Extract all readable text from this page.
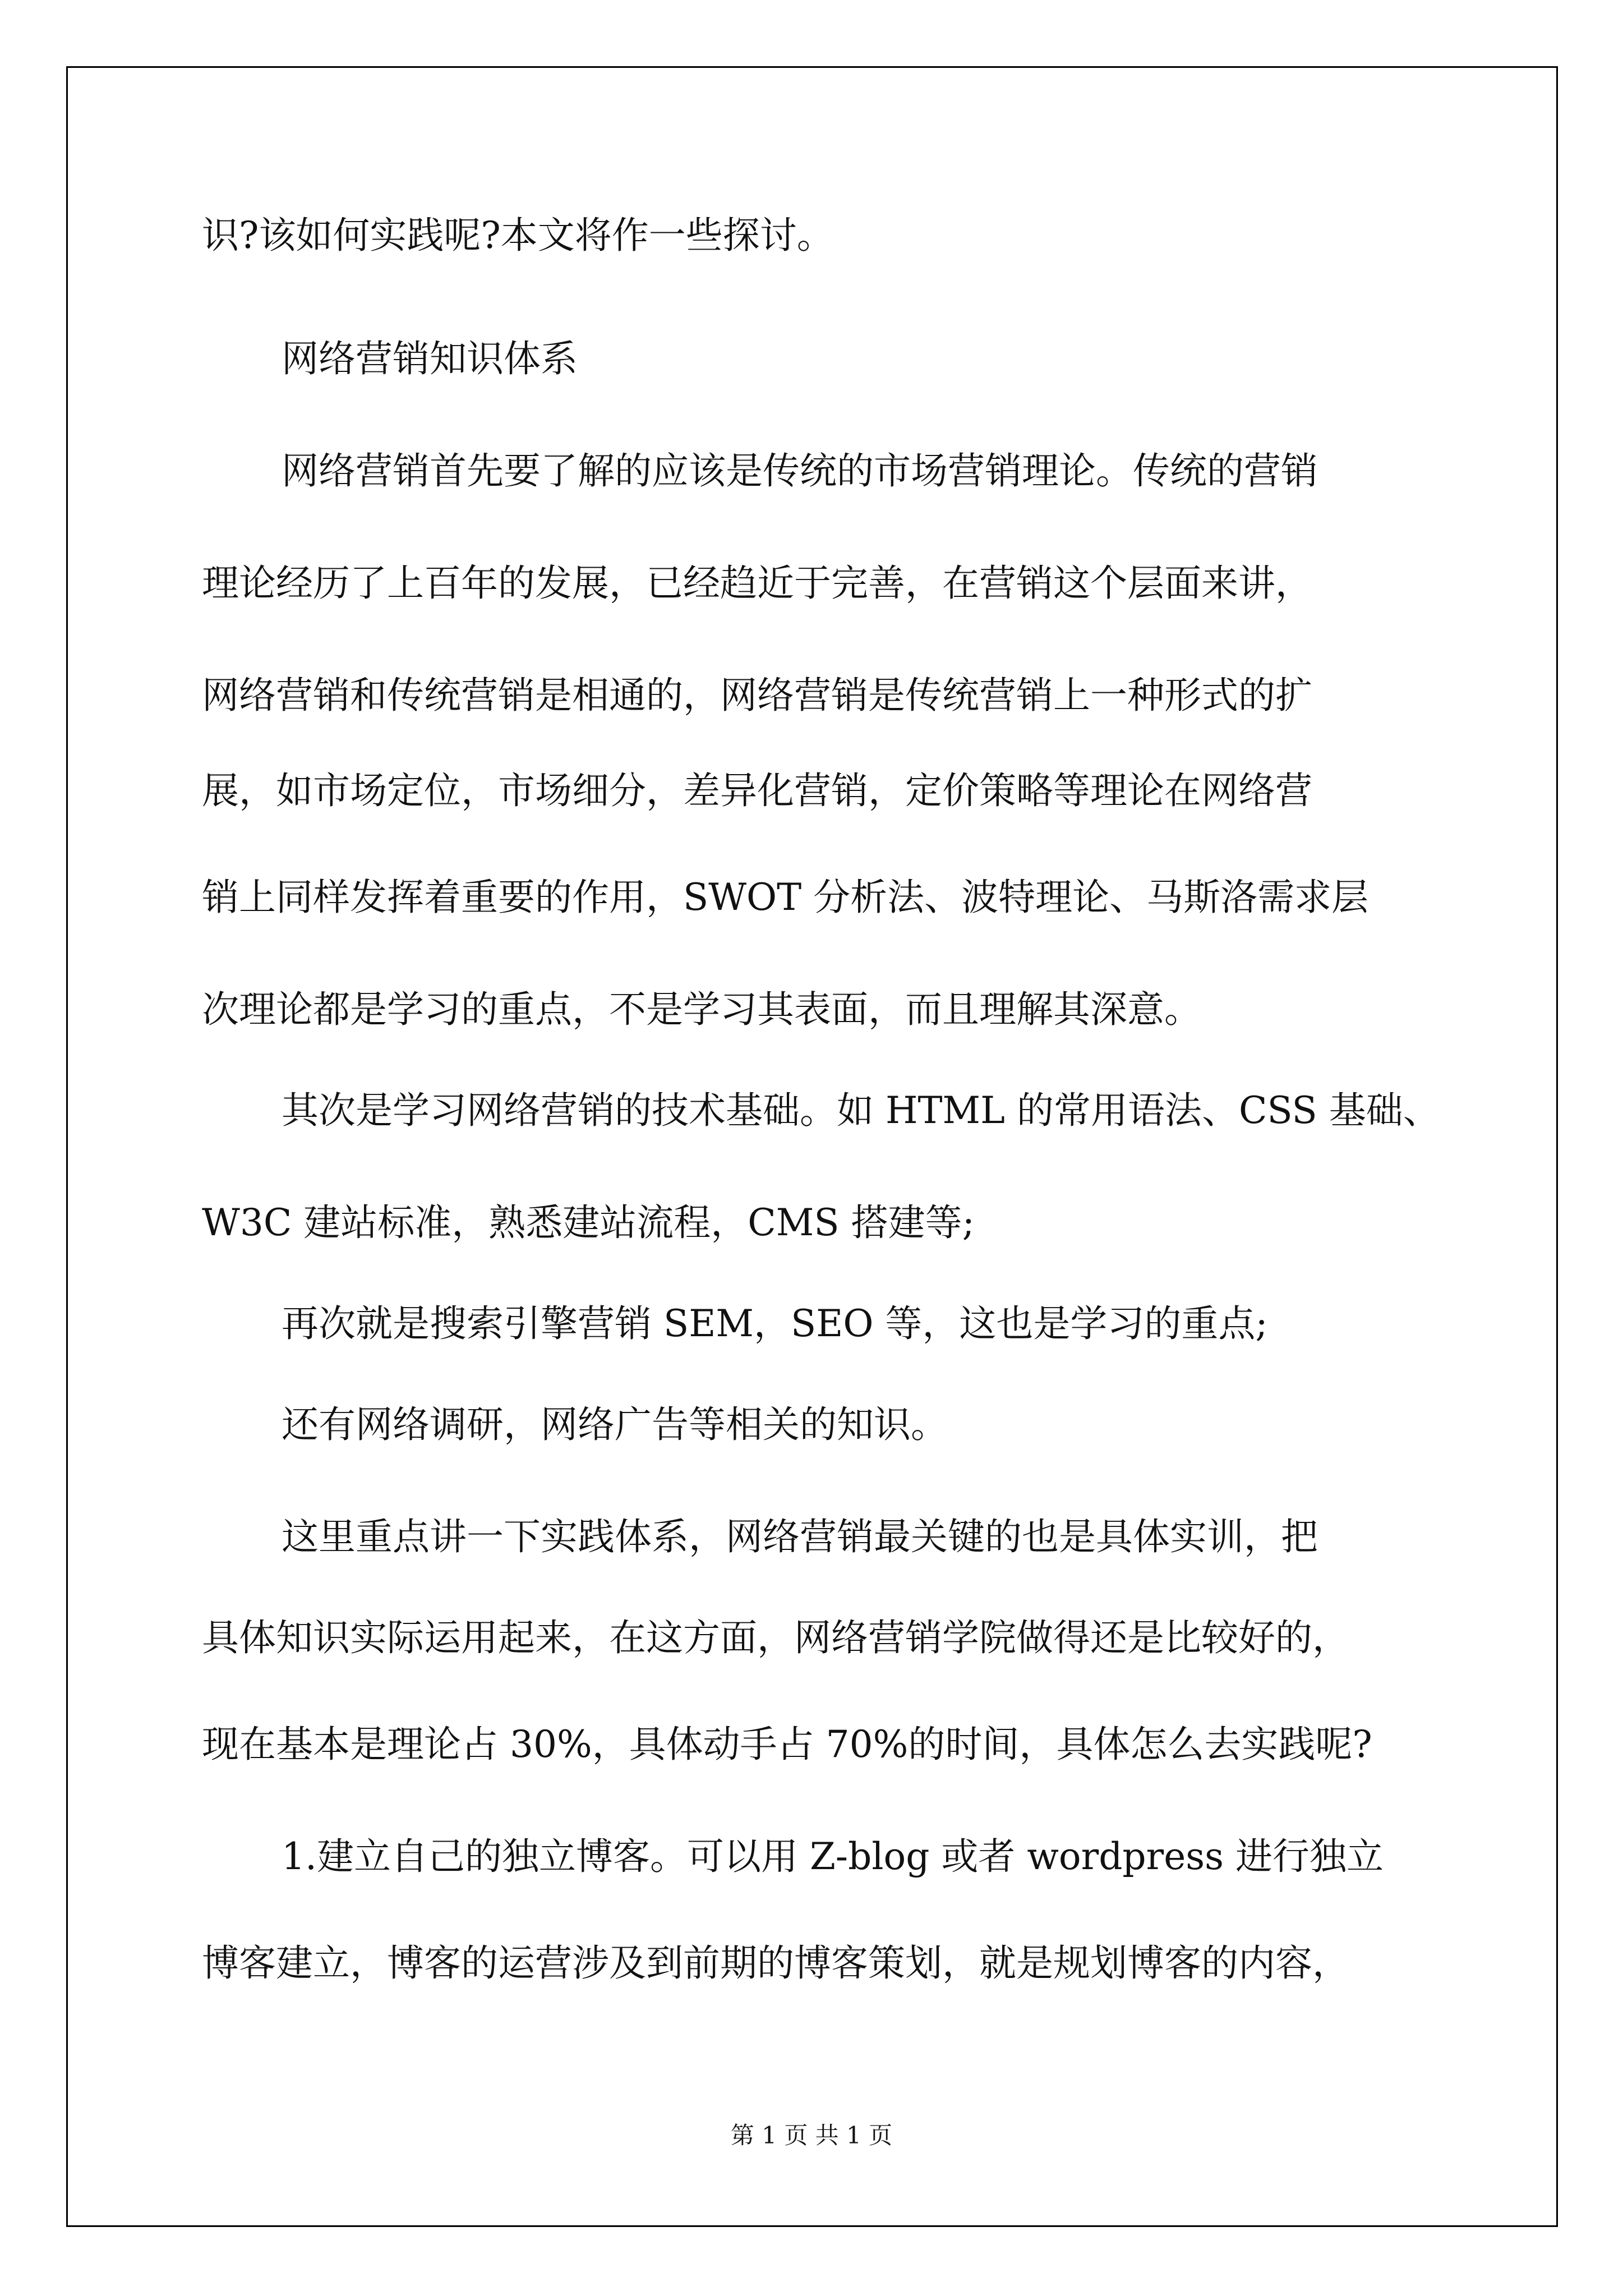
识?该如何实践呢?本文将作一些探讨。
网络营销知识体系
网络营销首先要了解的应该是传统的市场营销理论。传统的营销
理论经历了上百年的发展，已经趋近于完善，在营销这个层面来讲，
网络营销和传统营销是相通的，网络营销是传统营销上一种形式的扩
展，如市场定位，市场细分，差异化营销，定价策略等理论在网络营
销上同样发挥着重要的作用，SWOT 分析法、波特理论、马斯洛需求层
次理论都是学习的重点，不是学习其表面，而且理解其深意。
其次是学习网络营销的技术基础。如 HTML 的常用语法、CSS 基础、
W3C 建站标准，熟悉建站流程，CMS 搭建等;
再次就是搜索引擎营销 SEM，SEO 等，这也是学习的重点;
还有网络调研，网络广告等相关的知识。
这里重点讲一下实践体系，网络营销最关键的也是具体实训，把
具体知识实际运用起来，在这方面，网络营销学院做得还是比较好的，
现在基本是理论占 30%，具体动手占 70%的时间，具体怎么去实践呢?
1.建立自己的独立博客。可以用 Z-blog 或者 wordpress 进行独立
博客建立，博客的运营涉及到前期的博客策划，就是规划博客的内容，
第 1 页 共 1 页
